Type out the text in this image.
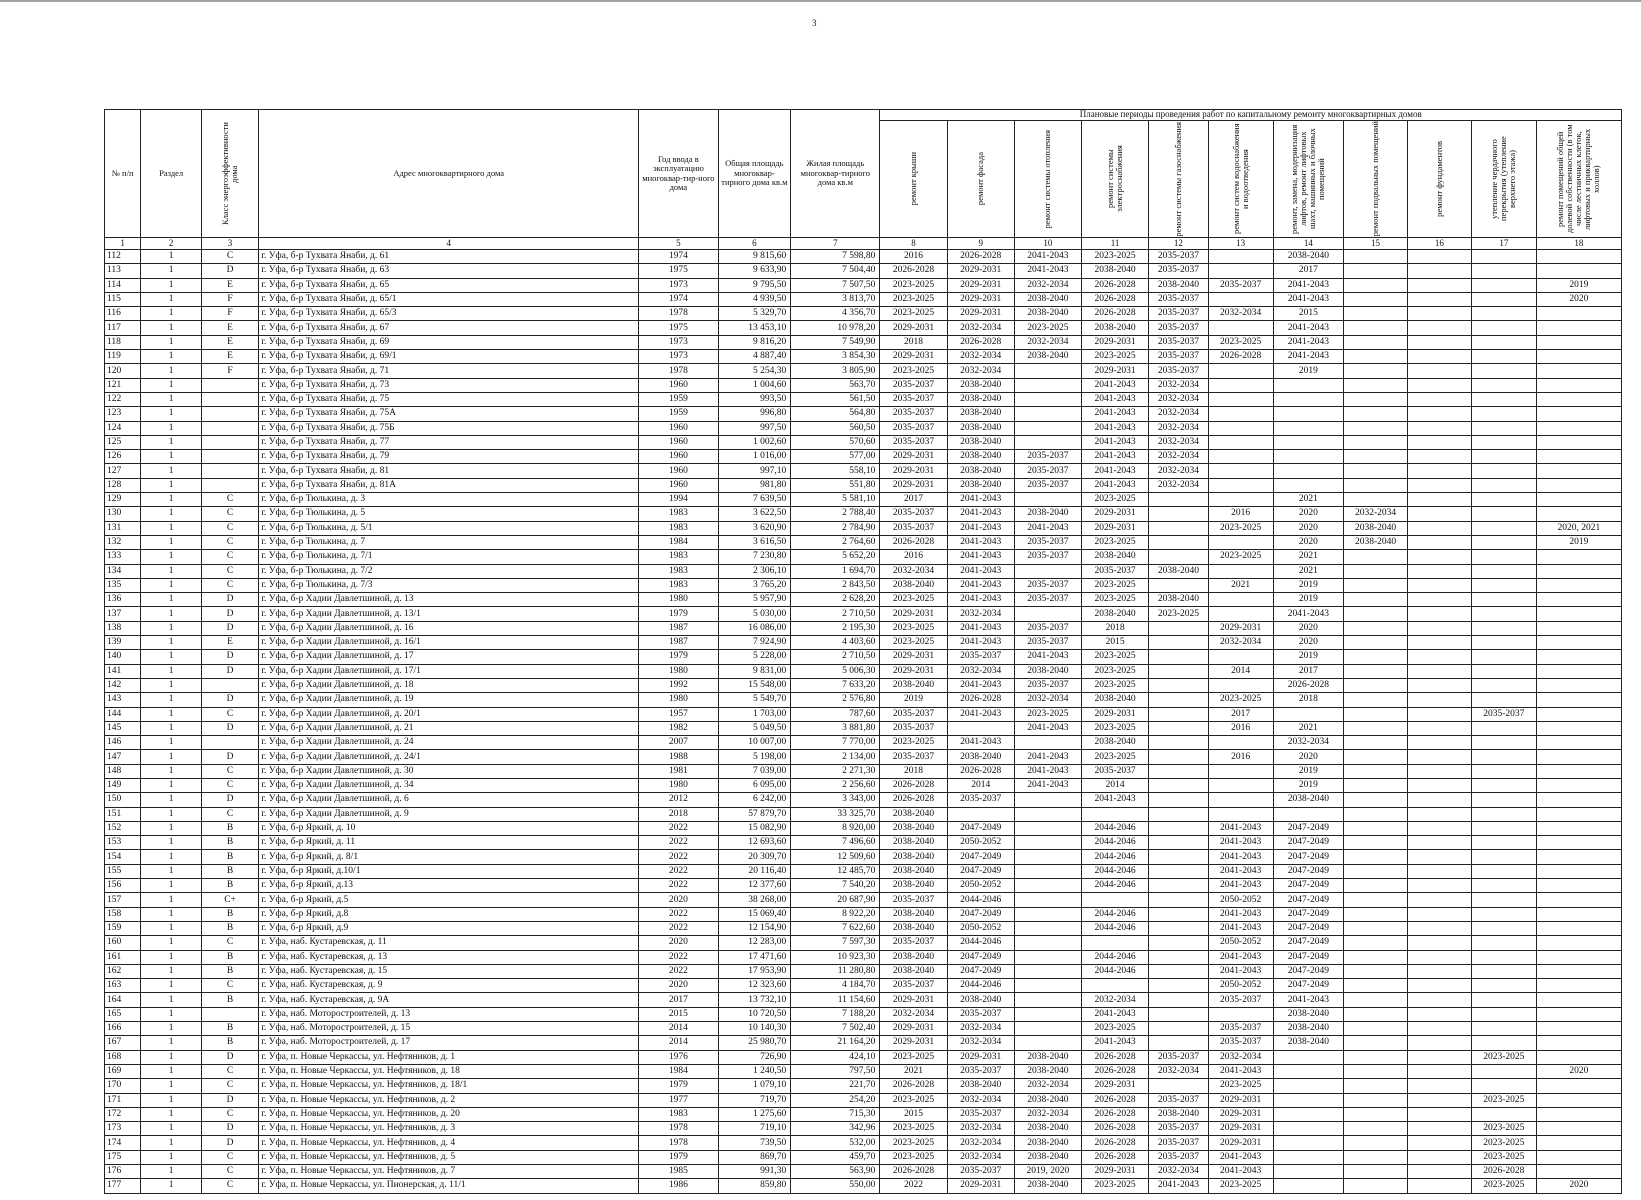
3
№ п/п	Раздел	Класс энергоэффективности дома	Адрес многоквартирного дома	Год ввода в эксплуатацию многоквар-тир-ного дома	Общая площадь многоквар-тирного дома кв.м	Жилая площадь многоквар-тирного дома кв.м	Плановые периоды проведения работ по капитальному ремонту многоквартирных домов										

							ремонт крыши	ремонт фасада	ремонт системы отопления	ремонт системы электроснабжения	ремонт системы газоснабжения	ремонт систем водоснабжения и водоотведения	ремонт, замена, модернизация лифтов, ремонт лифтовых шахт, машинных и блочных помещений	ремонт подвальных помещений	ремонт фундаментов	утепление чердачного перекрытия (утепление верхнего этажа)	ремонт помещений общей долевой собственности (в том числе лестничных клеток, лифтовых и приквартирных холлов)

1	2	3	4	5	6	7	8	9	10	11	12	13	14	15	16	17	18
112	1	C	г. Уфа, б-р Тухвата Янаби, д. 61	1974	9 815,60	7 598,80	2016	2026-2028	2041-2043	2023-2025	2035-2037		2038-2040				
113	1	D	г. Уфа, б-р Тухвата Янаби, д. 63	1975	9 633,90	7 504,40	2026-2028	2029-2031	2041-2043	2038-2040	2035-2037		2017				
114	1	E	г. Уфа, б-р Тухвата Янаби, д. 65	1973	9 795,50	7 507,50	2023-2025	2029-2031	2032-2034	2026-2028	2038-2040	2035-2037	2041-2043				2019
115	1	F	г. Уфа, б-р Тухвата Янаби, д. 65/1	1974	4 939,50	3 813,70	2023-2025	2029-2031	2038-2040	2026-2028	2035-2037		2041-2043				2020
116	1	F	г. Уфа, б-р Тухвата Янаби, д. 65/3	1978	5 329,70	4 356,70	2023-2025	2029-2031	2038-2040	2026-2028	2035-2037	2032-2034	2015				
117	1	E	г. Уфа, б-р Тухвата Янаби, д. 67	1975	13 453,10	10 978,20	2029-2031	2032-2034	2023-2025	2038-2040	2035-2037		2041-2043				
118	1	E	г. Уфа, б-р Тухвата Янаби, д. 69	1973	9 816,20	7 549,90	2018	2026-2028	2032-2034	2029-2031	2035-2037	2023-2025	2041-2043				
119	1	E	г. Уфа, б-р Тухвата Янаби, д. 69/1	1973	4 887,40	3 854,30	2029-2031	2032-2034	2038-2040	2023-2025	2035-2037	2026-2028	2041-2043				
120	1	F	г. Уфа, б-р Тухвата Янаби, д. 71	1978	5 254,30	3 805,90	2023-2025	2032-2034		2029-2031	2035-2037		2019				
121	1		г. Уфа, б-р Тухвата Янаби, д. 73	1960	1 004,60	563,70	2035-2037	2038-2040		2041-2043	2032-2034						
122	1		г. Уфа, б-р Тухвата Янаби, д. 75	1959	993,50	561,50	2035-2037	2038-2040		2041-2043	2032-2034						
123	1		г. Уфа, б-р Тухвата Янаби, д. 75А	1959	996,80	564,80	2035-2037	2038-2040		2041-2043	2032-2034						
124	1		г. Уфа, б-р Тухвата Янаби, д. 75Б	1960	997,50	560,50	2035-2037	2038-2040		2041-2043	2032-2034						
125	1		г. Уфа, б-р Тухвата Янаби, д. 77	1960	1 002,60	570,60	2035-2037	2038-2040		2041-2043	2032-2034						
126	1		г. Уфа, б-р Тухвата Янаби, д. 79	1960	1 016,00	577,00	2029-2031	2038-2040	2035-2037	2041-2043	2032-2034						
127	1		г. Уфа, б-р Тухвата Янаби, д. 81	1960	997,10	558,10	2029-2031	2038-2040	2035-2037	2041-2043	2032-2034						
128	1		г. Уфа, б-р Тухвата Янаби, д. 81А	1960	981,80	551,80	2029-2031	2038-2040	2035-2037	2041-2043	2032-2034						
129	1	C	г. Уфа, б-р Тюлькина, д. 3	1994	7 639,50	5 581,10	2017	2041-2043		2023-2025			2021				
130	1	C	г. Уфа, б-р Тюлькина, д. 5	1983	3 622,50	2 788,40	2035-2037	2041-2043	2038-2040	2029-2031		2016	2020	2032-2034			
131	1	C	г. Уфа, б-р Тюлькина, д. 5/1	1983	3 620,90	2 784,90	2035-2037	2041-2043	2041-2043	2029-2031		2023-2025	2020	2038-2040			2020, 2021
132	1	C	г. Уфа, б-р Тюлькина, д. 7	1984	3 616,50	2 764,60	2026-2028	2041-2043	2035-2037	2023-2025			2020	2038-2040			2019
133	1	C	г. Уфа, б-р Тюлькина, д. 7/1	1983	7 230,80	5 652,20	2016	2041-2043	2035-2037	2038-2040		2023-2025	2021				
134	1	C	г. Уфа, б-р Тюлькина, д. 7/2	1983	2 306,10	1 694,70	2032-2034	2041-2043		2035-2037	2038-2040		2021				
135	1	C	г. Уфа, б-р Тюлькина, д. 7/3	1983	3 765,20	2 843,50	2038-2040	2041-2043	2035-2037	2023-2025		2021	2019				
136	1	D	г. Уфа, б-р Хадии Давлетшиной, д. 13	1980	5 957,90	2 628,20	2023-2025	2041-2043	2035-2037	2023-2025	2038-2040		2019				
137	1	D	г. Уфа, б-р Хадии Давлетшиной, д. 13/1	1979	5 030,00	2 710,50	2029-2031	2032-2034		2038-2040	2023-2025		2041-2043				
138	1	D	г. Уфа, б-р Хадии Давлетшиной, д. 16	1987	16 086,00	2 195,30	2023-2025	2041-2043	2035-2037	2018		2029-2031	2020				
139	1	E	г. Уфа, б-р Хадии Давлетшиной, д. 16/1	1987	7 924,90	4 403,60	2023-2025	2041-2043	2035-2037	2015		2032-2034	2020				
140	1	D	г. Уфа, б-р Хадии Давлетшиной, д. 17	1979	5 228,00	2 710,50	2029-2031	2035-2037	2041-2043	2023-2025			2019				
141	1	D	г. Уфа, б-р Хадии Давлетшиной, д. 17/1	1980	9 831,00	5 006,30	2029-2031	2032-2034	2038-2040	2023-2025		2014	2017				
142	1		г. Уфа, б-р Хадии Давлетшиной, д. 18	1992	15 548,00	7 633,20	2038-2040	2041-2043	2035-2037	2023-2025			2026-2028				
143	1	D	г. Уфа, б-р Хадии Давлетшиной, д. 19	1980	5 549,70	2 576,80	2019	2026-2028	2032-2034	2038-2040		2023-2025	2018				
144	1	C	г. Уфа, б-р Хадии Давлетшиной, д. 20/1	1957	1 703,00	787,60	2035-2037	2041-2043	2023-2025	2029-2031		2017				2035-2037	
145	1	D	г. Уфа, б-р Хадии Давлетшиной, д. 21	1982	5 049,50	3 881,80	2035-2037		2041-2043	2023-2025		2016	2021				
146	1		г. Уфа, б-р Хадии Давлетшиной, д. 24	2007	10 007,00	7 770,00	2023-2025	2041-2043		2038-2040			2032-2034				
147	1	D	г. Уфа, б-р Хадии Давлетшиной, д. 24/1	1988	5 198,00	2 134,00	2035-2037	2038-2040	2041-2043	2023-2025		2016	2020				
148	1	C	г. Уфа, б-р Хадии Давлетшиной, д. 30	1981	7 039,00	2 271,30	2018	2026-2028	2041-2043	2035-2037			2019				
149	1	C	г. Уфа, б-р Хадии Давлетшиной, д. 34	1980	6 095,00	2 256,60	2026-2028	2014	2041-2043	2014			2019				
150	1	D	г. Уфа, б-р Хадии Давлетшиной, д. 6	2012	6 242,00	3 343,00	2026-2028	2035-2037		2041-2043			2038-2040				
151	1	C	г. Уфа, б-р Хадии Давлетшиной, д. 9	2018	57 879,70	33 325,70	2038-2040										
152	1	B	г. Уфа, б-р Яркий, д. 10	2022	15 082,90	8 920,00	2038-2040	2047-2049		2044-2046		2041-2043	2047-2049				
153	1	B	г. Уфа, б-р Яркий, д. 11	2022	12 693,60	7 496,60	2038-2040	2050-2052		2044-2046		2041-2043	2047-2049				
154	1	B	г. Уфа, б-р Яркий, д. 8/1	2022	20 309,70	12 509,60	2038-2040	2047-2049		2044-2046		2041-2043	2047-2049				
155	1	B	г. Уфа, б-р Яркий, д.10/1	2022	20 116,40	12 485,70	2038-2040	2047-2049		2044-2046		2041-2043	2047-2049				
156	1	B	г. Уфа, б-р Яркий, д.13	2022	12 377,60	7 540,20	2038-2040	2050-2052		2044-2046		2041-2043	2047-2049				
157	1	C+	г. Уфа, б-р Яркий, д.5	2020	38 268,00	20 687,90	2035-2037	2044-2046				2050-2052	2047-2049				
158	1	B	г. Уфа, б-р Яркий, д.8	2022	15 069,40	8 922,20	2038-2040	2047-2049		2044-2046		2041-2043	2047-2049				
159	1	B	г. Уфа, б-р Яркий, д.9	2022	12 154,90	7 622,60	2038-2040	2050-2052		2044-2046		2041-2043	2047-2049				
160	1	C	г. Уфа, наб. Кустаревская, д. 11	2020	12 283,00	7 597,30	2035-2037	2044-2046				2050-2052	2047-2049				
161	1	B	г. Уфа, наб. Кустаревская, д. 13	2022	17 471,60	10 923,30	2038-2040	2047-2049		2044-2046		2041-2043	2047-2049				
162	1	B	г. Уфа, наб. Кустаревская, д. 15	2022	17 953,90	11 280,80	2038-2040	2047-2049		2044-2046		2041-2043	2047-2049				
163	1	C	г. Уфа, наб. Кустаревская, д. 9	2020	12 323,60	4 184,70	2035-2037	2044-2046				2050-2052	2047-2049				
164	1	B	г. Уфа, наб. Кустаревская, д. 9А	2017	13 732,10	11 154,60	2029-2031	2038-2040		2032-2034		2035-2037	2041-2043				
165	1		г. Уфа, наб. Моторостроителей, д. 13	2015	10 720,50	7 188,20	2032-2034	2035-2037		2041-2043			2038-2040				
166	1	B	г. Уфа, наб. Моторостроителей, д. 15	2014	10 140,30	7 502,40	2029-2031	2032-2034		2023-2025		2035-2037	2038-2040				
167	1	B	г. Уфа, наб. Моторостроителей, д. 17	2014	25 980,70	21 164,20	2029-2031	2032-2034		2041-2043		2035-2037	2038-2040				
168	1	D	г. Уфа, п. Новые Черкассы, ул. Нефтяников, д. 1	1976	726,90	424,10	2023-2025	2029-2031	2038-2040	2026-2028	2035-2037	2032-2034				2023-2025	
169	1	C	г. Уфа, п. Новые Черкассы, ул. Нефтяников, д. 18	1984	1 240,50	797,50	2021	2035-2037	2038-2040	2026-2028	2032-2034	2041-2043					2020
170	1	C	г. Уфа, п. Новые Черкассы, ул. Нефтяников, д. 18/1	1979	1 079,10	221,70	2026-2028	2038-2040	2032-2034	2029-2031		2023-2025					
171	1	D	г. Уфа, п. Новые Черкассы, ул. Нефтяников, д. 2	1977	719,70	254,20	2023-2025	2032-2034	2038-2040	2026-2028	2035-2037	2029-2031				2023-2025	
172	1	C	г. Уфа, п. Новые Черкассы, ул. Нефтяников, д. 20	1983	1 275,60	715,30	2015	2035-2037	2032-2034	2026-2028	2038-2040	2029-2031					
173	1	D	г. Уфа, п. Новые Черкассы, ул. Нефтяников, д. 3	1978	719,10	342,96	2023-2025	2032-2034	2038-2040	2026-2028	2035-2037	2029-2031				2023-2025	
174	1	D	г. Уфа, п. Новые Черкассы, ул. Нефтяников, д. 4	1978	739,50	532,00	2023-2025	2032-2034	2038-2040	2026-2028	2035-2037	2029-2031				2023-2025	
175	1	C	г. Уфа, п. Новые Черкассы, ул. Нефтяников, д. 5	1979	869,70	459,70	2023-2025	2032-2034	2038-2040	2026-2028	2035-2037	2041-2043				2023-2025	
176	1	C	г. Уфа, п. Новые Черкассы, ул. Нефтяников, д. 7	1985	991,30	563,90	2026-2028	2035-2037	2019, 2020	2029-2031	2032-2034	2041-2043				2026-2028	
177	1	C	г. Уфа, п. Новые Черкассы, ул. Пионерская, д. 11/1	1986	859,80	550,00	2022	2029-2031	2038-2040	2023-2025	2041-2043	2023-2025				2023-2025	2020
